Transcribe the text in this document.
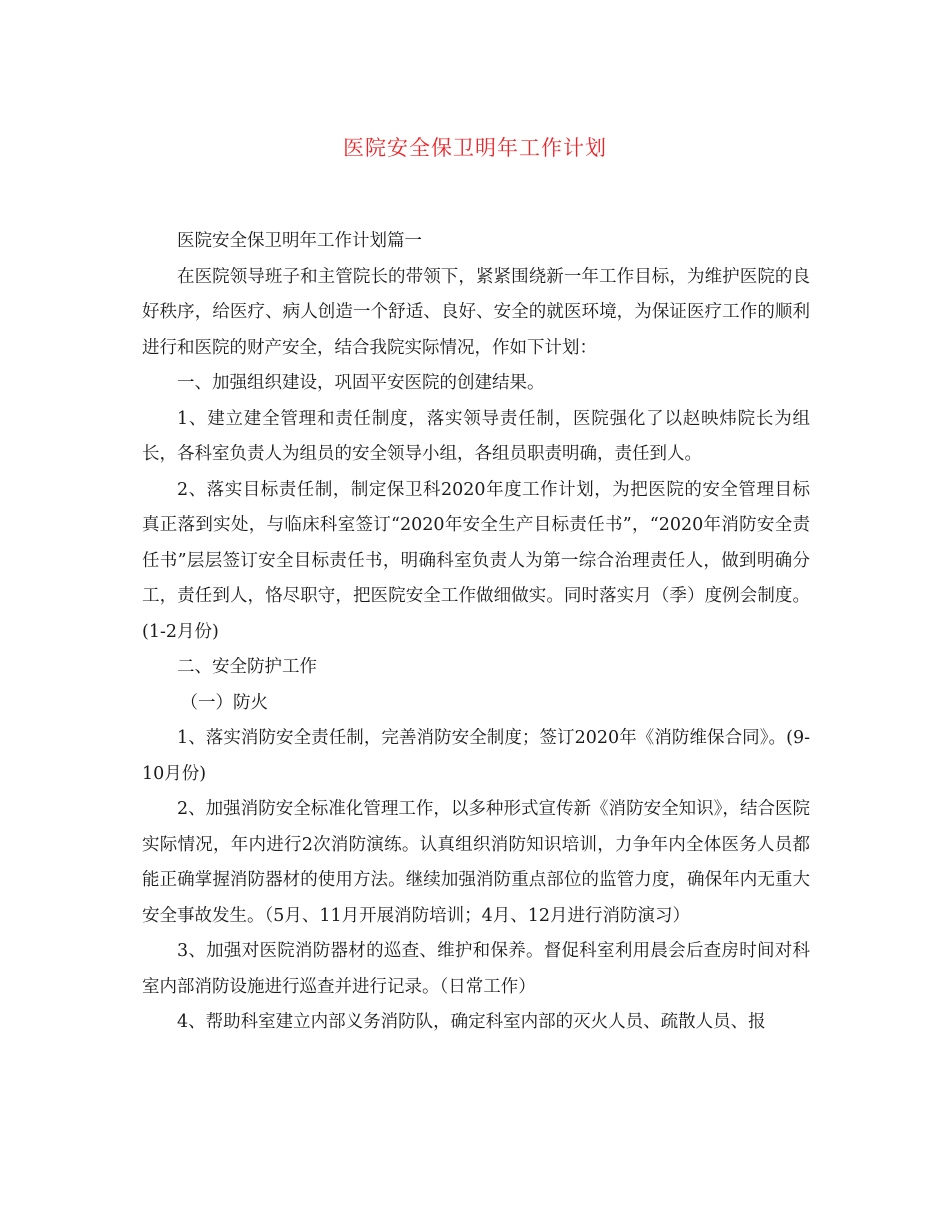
医院安全保卫明年工作计划

医院安全保卫明年工作计划篇一

在医院领导班子和主管院长的带领下，紧紧围绕新一年工作目标，为维护医院的良好秩序，给医疗、病人创造一个舒适、良好、安全的就医环境，为保证医疗工作的顺利进行和医院的财产安全，结合我院实际情况，作如下计划：

一、加强组织建设，巩固平安医院的创建结果。

1、建立建全管理和责任制度，落实领导责任制，医院强化了以赵映炜院长为组长，各科室负责人为组员的安全领导小组，各组员职责明确，责任到人。

2、落实目标责任制，制定保卫科2020年度工作计划，为把医院的安全管理目标真正落到实处，与临床科室签订“2020年安全生产目标责任书”，“2020年消防安全责任书”层层签订安全目标责任书，明确科室负责人为第一综合治理责任人，做到明确分工，责任到人，恪尽职守，把医院安全工作做细做实。同时落实月（季）度例会制度。(1-2月份)

二、安全防护工作

（一）防火

1、落实消防安全责任制，完善消防安全制度；签订2020年《消防维保合同》。(9-10月份)

2、加强消防安全标准化管理工作，以多种形式宣传新《消防安全知识》，结合医院实际情况，年内进行2次消防演练。认真组织消防知识培训，力争年内全体医务人员都能正确掌握消防器材的使用方法。继续加强消防重点部位的监管力度，确保年内无重大安全事故发生。（5月、11月开展消防培训；4月、12月进行消防演习）

3、加强对医院消防器材的巡查、维护和保养。督促科室利用晨会后查房时间对科室内部消防设施进行巡查并进行记录。（日常工作）

4、帮助科室建立内部义务消防队，确定科室内部的灭火人员、疏散人员、报
